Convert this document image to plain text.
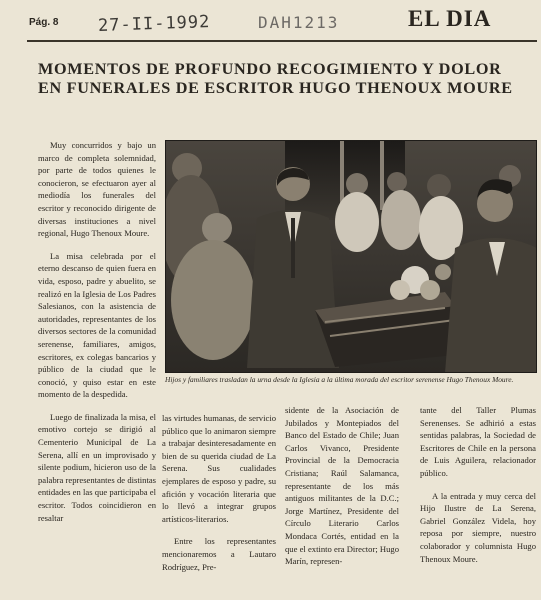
Pág. 8 27-II-1992	DAH1213	EL DIA
MOMENTOS DE PROFUNDO RECOGIMIENTO Y DOLOR
EN FUNERALES DE ESCRITOR HUGO THENOUX MOURE
Hijos y familiares trasladan la urna desde la Iglesia a la última morada del escritor serenense Hugo Thenoux Moure.

Muy concurridos y bajo un marco de completa solemnidad, por parte de todos quienes le conocieron, se efectuaron ayer al mediodía los funerales del escritor y reconocido dirigente de diversas instituciones a nivel regional, Hugo Thenoux Moure.

La misa celebrada por el eterno descanso de quien fuera en vida, esposo, padre y abuelito, se realizó en la Iglesia de Los Padres Salesianos, con la asistencia de autoridades, representantes de los diversos sectores de la comunidad serenense, familiares, amigos, escritores, ex colegas bancarios y público de la ciudad que le conoció, y quiso estar en este momento de la despedida.

Luego de finalizada la misa, el emotivo cortejo se dirigió al Cementerio Municipal de La Serena, allí en un improvisado y silente podium, hicieron uso de la palabra representantes de distintas entidades en las que participaba el escritor. Todos coincidieron en resaltar

las virtudes humanas, de servicio público que lo animaron siempre a trabajar desinteresadamente en bien de su querida ciudad de La Serena. Sus cualidades ejemplares de esposo y padre, su afición y vocación literaria que lo llevó a integrar grupos artísticos-literarios.

Entre los representantes mencionaremos a Lautaro Rodríguez, Pre-

sidente de la Asociación de Jubilados y Montepiados del Banco del Estado de Chile; Juan Carlos Vivanco, Presidente Provincial de la Democracia Cristiana; Raúl Salamanca, representante de los más antiguos militantes de la D.C.; Jorge Martínez, Presidente del Círculo Literario Carlos Mondaca Cortés, entidad en la que el extinto era Director; Hugo Marín, represen-

tante del Taller Plumas Serenenses. Se adhirió a estas sentidas palabras, la Sociedad de Escritores de Chile en la persona de Luis Aguilera, relacionador público.

A la entrada y muy cerca del Hijo Ilustre de La Serena, Gabriel González Videla, hoy reposa por siempre, nuestro colaborador y columnista Hugo Thenoux Moure.
